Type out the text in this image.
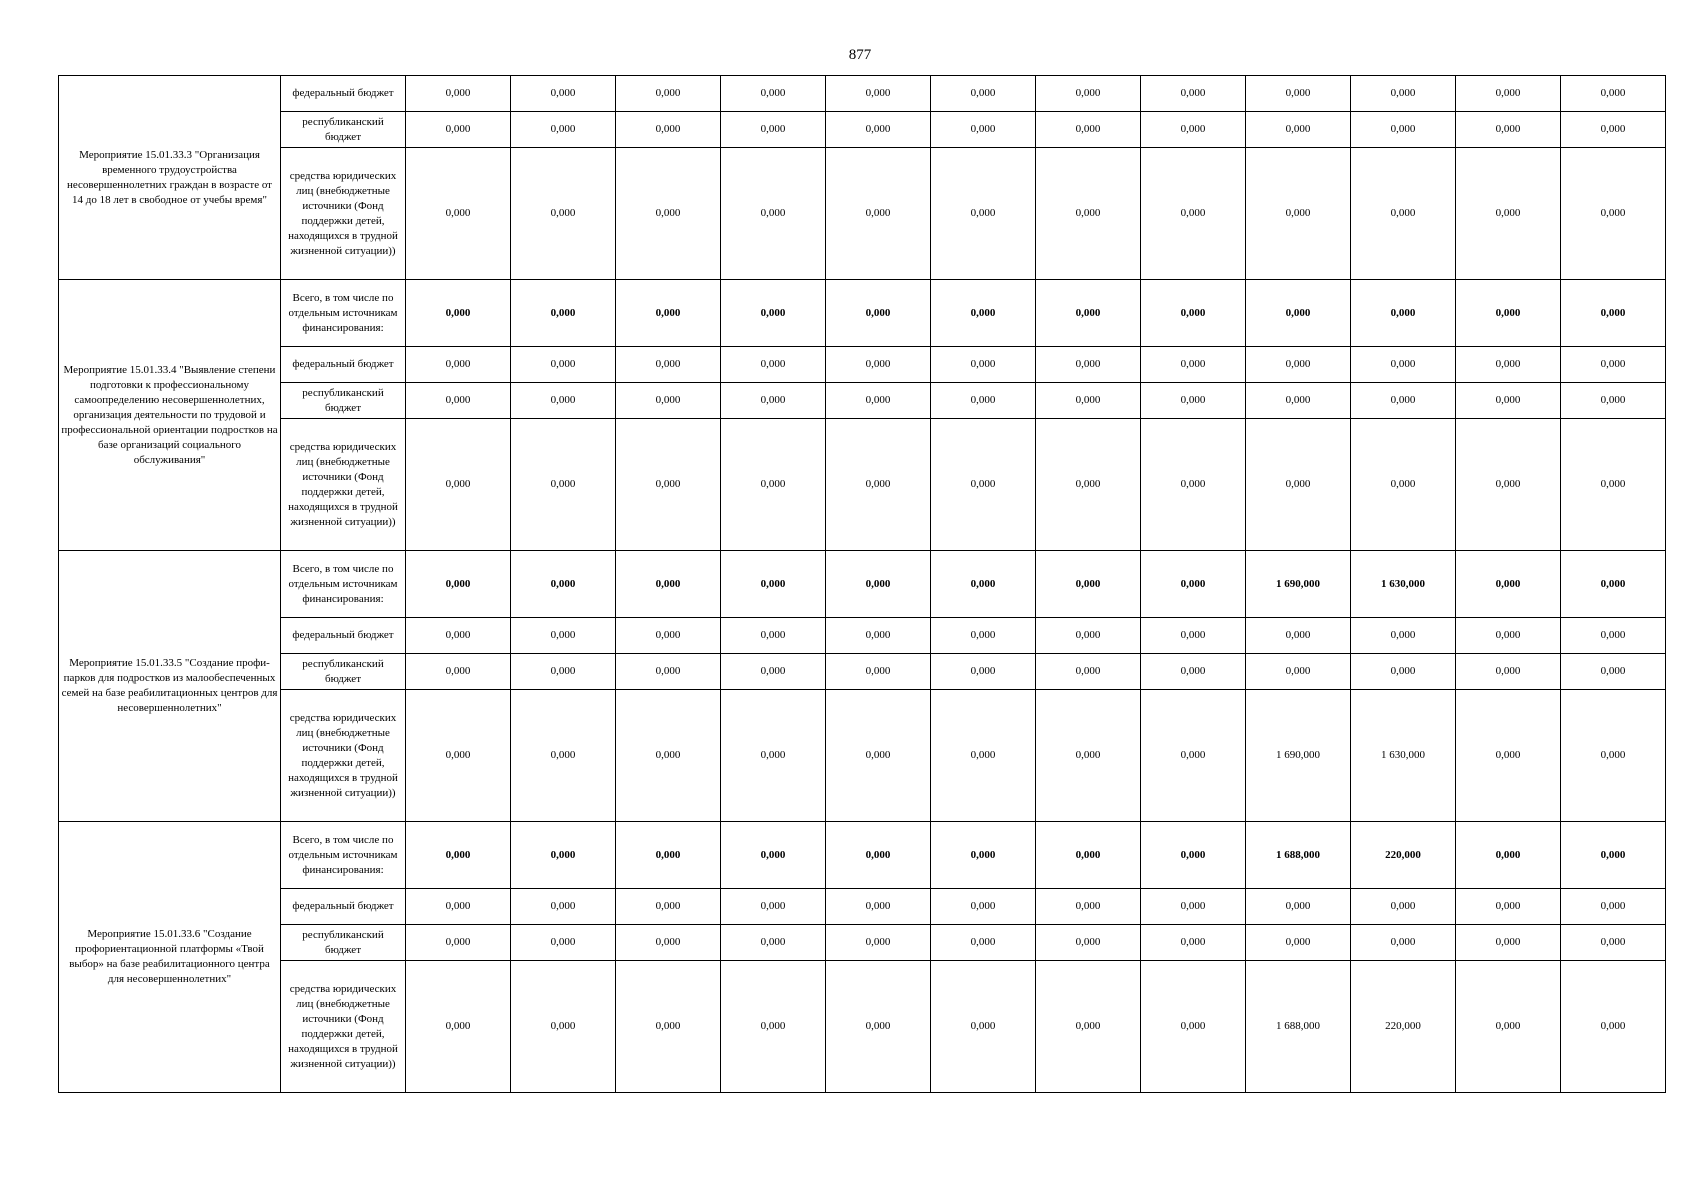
877
Мероприятие 15.01.33.3 "Организация временного трудоустройства несовершеннолетних граждан в возрасте от 14 до 18 лет в свободное от учебы время"	федеральный бюджет	0,000	0,000	0,000	0,000	0,000	0,000	0,000	0,000	0,000	0,000	0,000	0,000
	республиканский бюджет	0,000	0,000	0,000	0,000	0,000	0,000	0,000	0,000	0,000	0,000	0,000	0,000
	средства юридических лиц (внебюджетные источники (Фонд поддержки детей, находящихся в трудной жизненной ситуации))	0,000	0,000	0,000	0,000	0,000	0,000	0,000	0,000	0,000	0,000	0,000	0,000

Мероприятие 15.01.33.4 "Выявление степени подготовки к профессиональному самоопределению несовершеннолетних, организация деятельности по трудовой и профессиональной ориентации подростков на базе организаций социального обслуживания"	Всего, в том числе по отдельным источникам финансирования:	0,000	0,000	0,000	0,000	0,000	0,000	0,000	0,000	0,000	0,000	0,000	0,000
	федеральный бюджет	0,000	0,000	0,000	0,000	0,000	0,000	0,000	0,000	0,000	0,000	0,000	0,000
	республиканский бюджет	0,000	0,000	0,000	0,000	0,000	0,000	0,000	0,000	0,000	0,000	0,000	0,000
	средства юридических лиц (внебюджетные источники (Фонд поддержки детей, находящихся в трудной жизненной ситуации))	0,000	0,000	0,000	0,000	0,000	0,000	0,000	0,000	0,000	0,000	0,000	0,000

Мероприятие 15.01.33.5 "Создание профи-парков для подростков из малообеспеченных семей на базе реабилитационных центров для несовершеннолетних"	Всего, в том числе по отдельным источникам финансирования:	0,000	0,000	0,000	0,000	0,000	0,000	0,000	0,000	1 690,000	1 630,000	0,000	0,000
	федеральный бюджет	0,000	0,000	0,000	0,000	0,000	0,000	0,000	0,000	0,000	0,000	0,000	0,000
	республиканский бюджет	0,000	0,000	0,000	0,000	0,000	0,000	0,000	0,000	0,000	0,000	0,000	0,000
	средства юридических лиц (внебюджетные источники (Фонд поддержки детей, находящихся в трудной жизненной ситуации))	0,000	0,000	0,000	0,000	0,000	0,000	0,000	0,000	1 690,000	1 630,000	0,000	0,000

Мероприятие 15.01.33.6 "Создание профориентационной платформы «Твой выбор» на базе реабилитационного центра для несовершеннолетних"	Всего, в том числе по отдельным источникам финансирования:	0,000	0,000	0,000	0,000	0,000	0,000	0,000	0,000	1 688,000	220,000	0,000	0,000
	федеральный бюджет	0,000	0,000	0,000	0,000	0,000	0,000	0,000	0,000	0,000	0,000	0,000	0,000
	республиканский бюджет	0,000	0,000	0,000	0,000	0,000	0,000	0,000	0,000	0,000	0,000	0,000	0,000
	средства юридических лиц (внебюджетные источники (Фонд поддержки детей, находящихся в трудной жизненной ситуации))	0,000	0,000	0,000	0,000	0,000	0,000	0,000	0,000	1 688,000	220,000	0,000	0,000
